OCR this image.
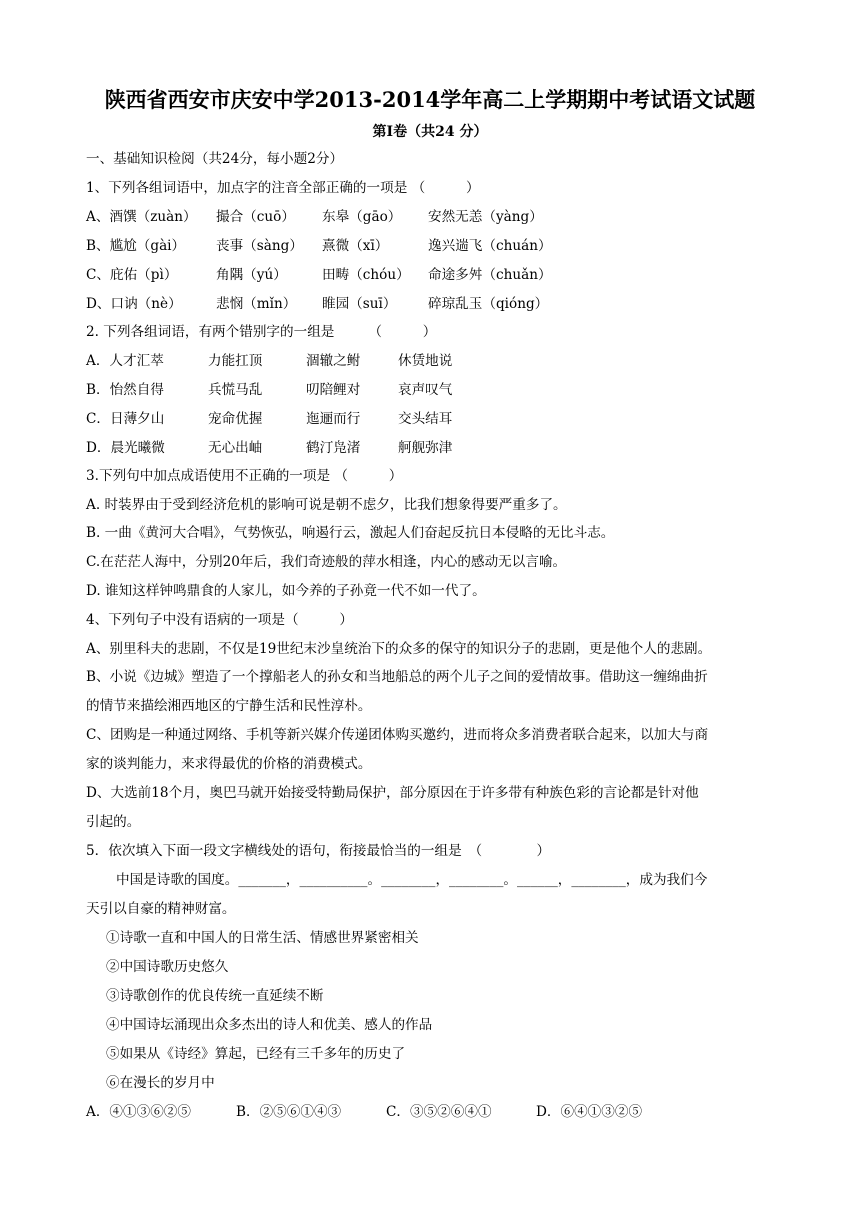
陕西省西安市庆安中学2013-2014学年高二上学期期中考试语文试题
第Ⅰ卷（共24 分）
一、基础知识检阅（共24分，每小题2分）
1、下列各组词语中，加点字的注音全部正确的一项是 （　　　）
A、酒馔（zuàn） 撮合（cuō） 东皋（gāo） 安然无恙（yàng）
B、尴尬（gài） 丧事（sàng） 熹微（xī）	逸兴遄飞（chuán）
C、庇佑（pì）	角隅（yú）	田畴（chóu） 命途多舛（chuǎn）
D、口讷（nè）	悲悯（mǐn） 睢园（suī） 碎琼乱玉（qióng）
2. 下列各组词语，有两个错别字的一组是　　　（　　　）
A．人才汇萃	力能扛顶	涸辙之鲋	休赁地说
B．怡然自得	兵慌马乱	叨陪鲤对	哀声叹气
C．日薄夕山	宠命优握	迤逦而行	交头结耳
D．晨光曦微	无心出岫	鹤汀凫渚	舸舰弥津
3.下列句中加点成语使用不正确的一项是 （　　　）
A. 时装界由于受到经济危机的影响可说是朝不虑夕，比我们想象得要严重多了。
B. 一曲《黄河大合唱》，气势恢弘，响遏行云，激起人们奋起反抗日本侵略的无比斗志。
C.在茫茫人海中，分别20年后，我们奇迹般的萍水相逢，内心的感动无以言喻。
D. 谁知这样钟鸣鼎食的人家儿，如今养的子孙竟一代不如一代了。
4、下列句子中没有语病的一项是（　　　）
A、别里科夫的悲剧，不仅是19世纪末沙皇统治下的众多的保守的知识分子的悲剧，更是他个人的悲剧。
B、小说《边城》塑造了一个撑船老人的孙女和当地船总的两个儿子之间的爱情故事。借助这一缠绵曲折
的情节来描绘湘西地区的宁静生活和民性淳朴。
C、团购是一种通过网络、手机等新兴媒介传递团体购买邀约，进而将众多消费者联合起来，以加大与商
家的谈判能力，来求得最优的价格的消费模式。
D、大选前18个月，奥巴马就开始接受特勤局保护，部分原因在于许多带有种族色彩的言论都是针对他
引起的。
5．依次填入下面一段文字横线处的语句，衔接最恰当的一组是　（　　　　）
中国是诗歌的国度。_______，__________。________，________。______，________，成为我们今
天引以自豪的精神财富。
①诗歌一直和中国人的日常生活、情感世界紧密相关
②中国诗歌历史悠久
③诗歌创作的优良传统一直延续不断
④中国诗坛涌现出众多杰出的诗人和优美、感人的作品
⑤如果从《诗经》算起，已经有三千多年的历史了
⑥在漫长的岁月中
A．④①③⑥②⑤	B．②⑤⑥①④③	C．③⑤②⑥④①	D．⑥④①③②⑤
